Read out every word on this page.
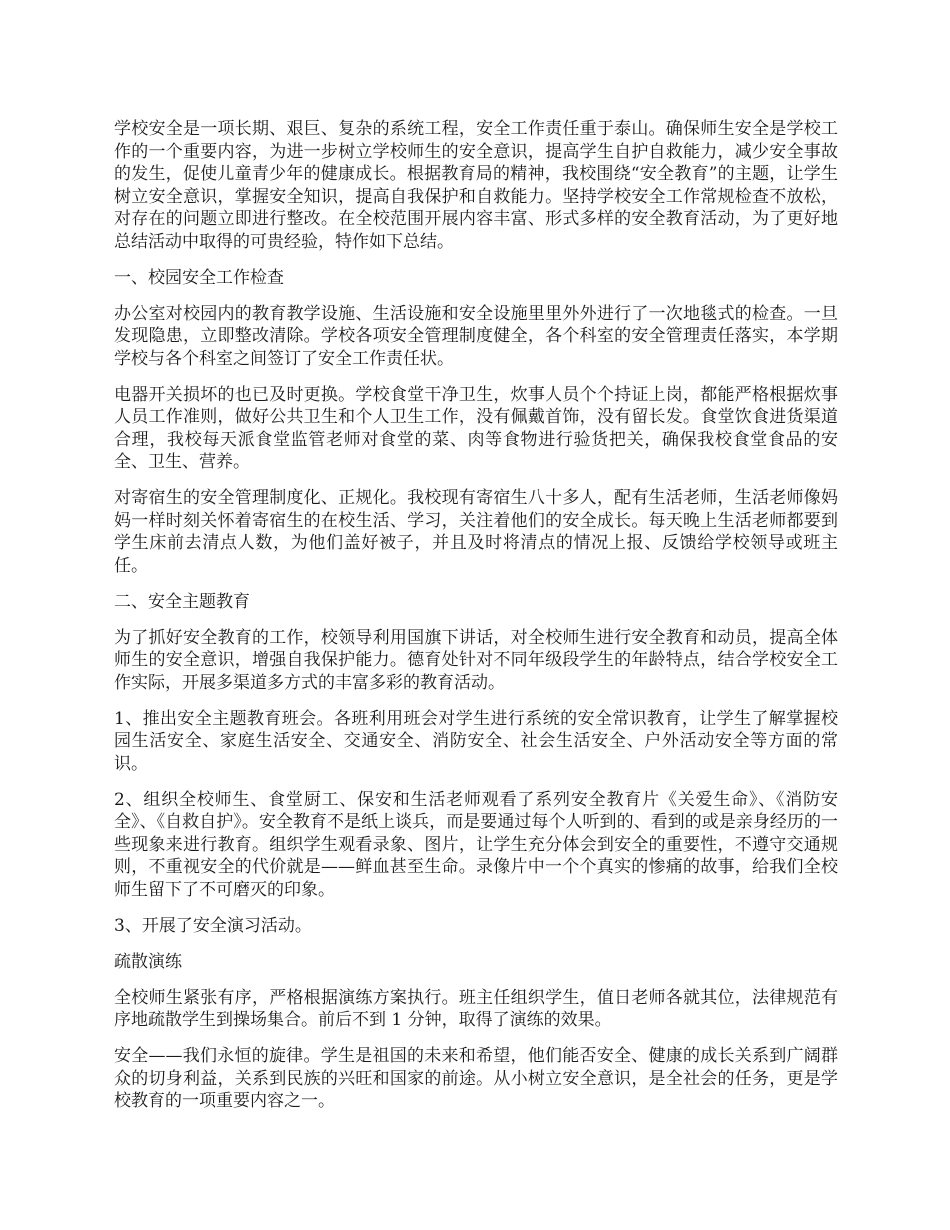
学校安全是一项长期、艰巨、复杂的系统工程，安全工作责任重于泰山。确保师生安全是学校工作的一个重要内容，为进一步树立学校师生的安全意识，提高学生自护自救能力，减少安全事故的发生，促使儿童青少年的健康成长。根据教育局的精神，我校围绕“安全教育”的主题，让学生树立安全意识，掌握安全知识，提高自我保护和自救能力。坚持学校安全工作常规检查不放松，对存在的问题立即进行整改。在全校范围开展内容丰富、形式多样的安全教育活动，为了更好地总结活动中取得的可贵经验，特作如下总结。

一、校园安全工作检查

办公室对校园内的教育教学设施、生活设施和安全设施里里外外进行了一次地毯式的检查。一旦发现隐患，立即整改清除。学校各项安全管理制度健全，各个科室的安全管理责任落实，本学期学校与各个科室之间签订了安全工作责任状。

电器开关损坏的也已及时更换。学校食堂干净卫生，炊事人员个个持证上岗，都能严格根据炊事人员工作准则，做好公共卫生和个人卫生工作，没有佩戴首饰，没有留长发。食堂饮食进货渠道合理，我校每天派食堂监管老师对食堂的菜、肉等食物进行验货把关，确保我校食堂食品的安全、卫生、营养。

对寄宿生的安全管理制度化、正规化。我校现有寄宿生八十多人，配有生活老师，生活老师像妈妈一样时刻关怀着寄宿生的在校生活、学习，关注着他们的安全成长。每天晚上生活老师都要到学生床前去清点人数，为他们盖好被子，并且及时将清点的情况上报、反馈给学校领导或班主任。

二、安全主题教育

为了抓好安全教育的工作，校领导利用国旗下讲话，对全校师生进行安全教育和动员，提高全体师生的安全意识，增强自我保护能力。德育处针对不同年级段学生的年龄特点，结合学校安全工作实际，开展多渠道多方式的丰富多彩的教育活动。

1、推出安全主题教育班会。各班利用班会对学生进行系统的安全常识教育，让学生了解掌握校园生活安全、家庭生活安全、交通安全、消防安全、社会生活安全、户外活动安全等方面的常识。

2、组织全校师生、食堂厨工、保安和生活老师观看了系列安全教育片《关爱生命》、《消防安全》、《自救自护》。安全教育不是纸上谈兵，而是要通过每个人听到的、看到的或是亲身经历的一些现象来进行教育。组织学生观看录象、图片，让学生充分体会到安全的重要性，不遵守交通规则，不重视安全的代价就是——鲜血甚至生命。录像片中一个个真实的惨痛的故事，给我们全校师生留下了不可磨灭的印象。

3、开展了安全演习活动。

疏散演练

全校师生紧张有序，严格根据演练方案执行。班主任组织学生，值日老师各就其位，法律规范有序地疏散学生到操场集合。前后不到 1 分钟，取得了演练的效果。

安全——我们永恒的旋律。学生是祖国的未来和希望，他们能否安全、健康的成长关系到广阔群众的切身利益，关系到民族的兴旺和国家的前途。从小树立安全意识，是全社会的任务，更是学校教育的一项重要内容之一。
